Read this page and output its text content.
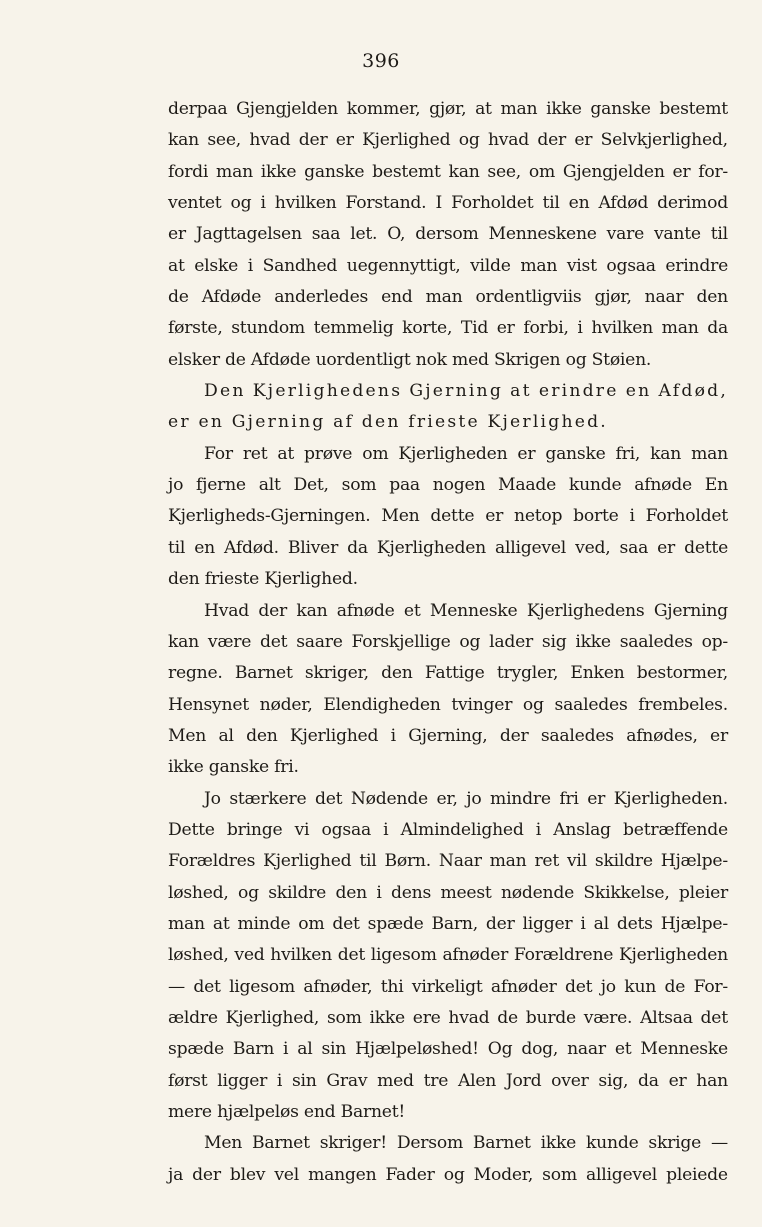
396
derpaa Gjengjelden kommer, gjør, at man ikke ganske bestemt
kan see, hvad der er Kjerlighed og hvad der er Selvkjerlighed,
fordi man ikke ganske bestemt kan see, om Gjengjelden er for-
ventet og i hvilken Forstand. I Forholdet til en Afdød derimod
er Jagttagelsen saa let. O, dersom Menneskene vare vante til
at elske i Sandhed uegennyttigt, vilde man vist ogsaa erindre
de Afdøde anderledes end man ordentligviis gjør, naar den
første, stundom temmelig korte, Tid er forbi, i hvilken man da
elsker de Afdøde uordentligt nok med Skrigen og Støien.
Den Kjerlighedens Gjerning at erindre en Afdød,
er en Gjerning af den frieste Kjerlighed.
For ret at prøve om Kjerligheden er ganske fri, kan man
jo fjerne alt Det, som paa nogen Maade kunde afnøde En
Kjerligheds-Gjerningen. Men dette er netop borte i Forholdet
til en Afdød. Bliver da Kjerligheden alligevel ved, saa er dette
den frieste Kjerlighed.
Hvad der kan afnøde et Menneske Kjerlighedens Gjerning
kan være det saare Forskjellige og lader sig ikke saaledes op-
regne. Barnet skriger, den Fattige trygler, Enken bestormer,
Hensynet nøder, Elendigheden tvinger og saaledes frembeles.
Men al den Kjerlighed i Gjerning, der saaledes afnødes, er
ikke ganske fri.
Jo stærkere det Nødende er, jo mindre fri er Kjerligheden.
Dette bringe vi ogsaa i Almindelighed i Anslag betræffende
Forældres Kjerlighed til Børn. Naar man ret vil skildre Hjælpe-
løshed, og skildre den i dens meest nødende Skikkelse, pleier
man at minde om det spæde Barn, der ligger i al dets Hjælpe-
løshed, ved hvilken det ligesom afnøder Forældrene Kjerligheden
— det ligesom afnøder, thi virkeligt afnøder det jo kun de For-
ældre Kjerlighed, som ikke ere hvad de burde være. Altsaa det
spæde Barn i al sin Hjælpeløshed! Og dog, naar et Menneske
først ligger i sin Grav med tre Alen Jord over sig, da er han
mere hjælpeløs end Barnet!
Men Barnet skriger! Dersom Barnet ikke kunde skrige —
ja der blev vel mangen Fader og Moder, som alligevel pleiede
